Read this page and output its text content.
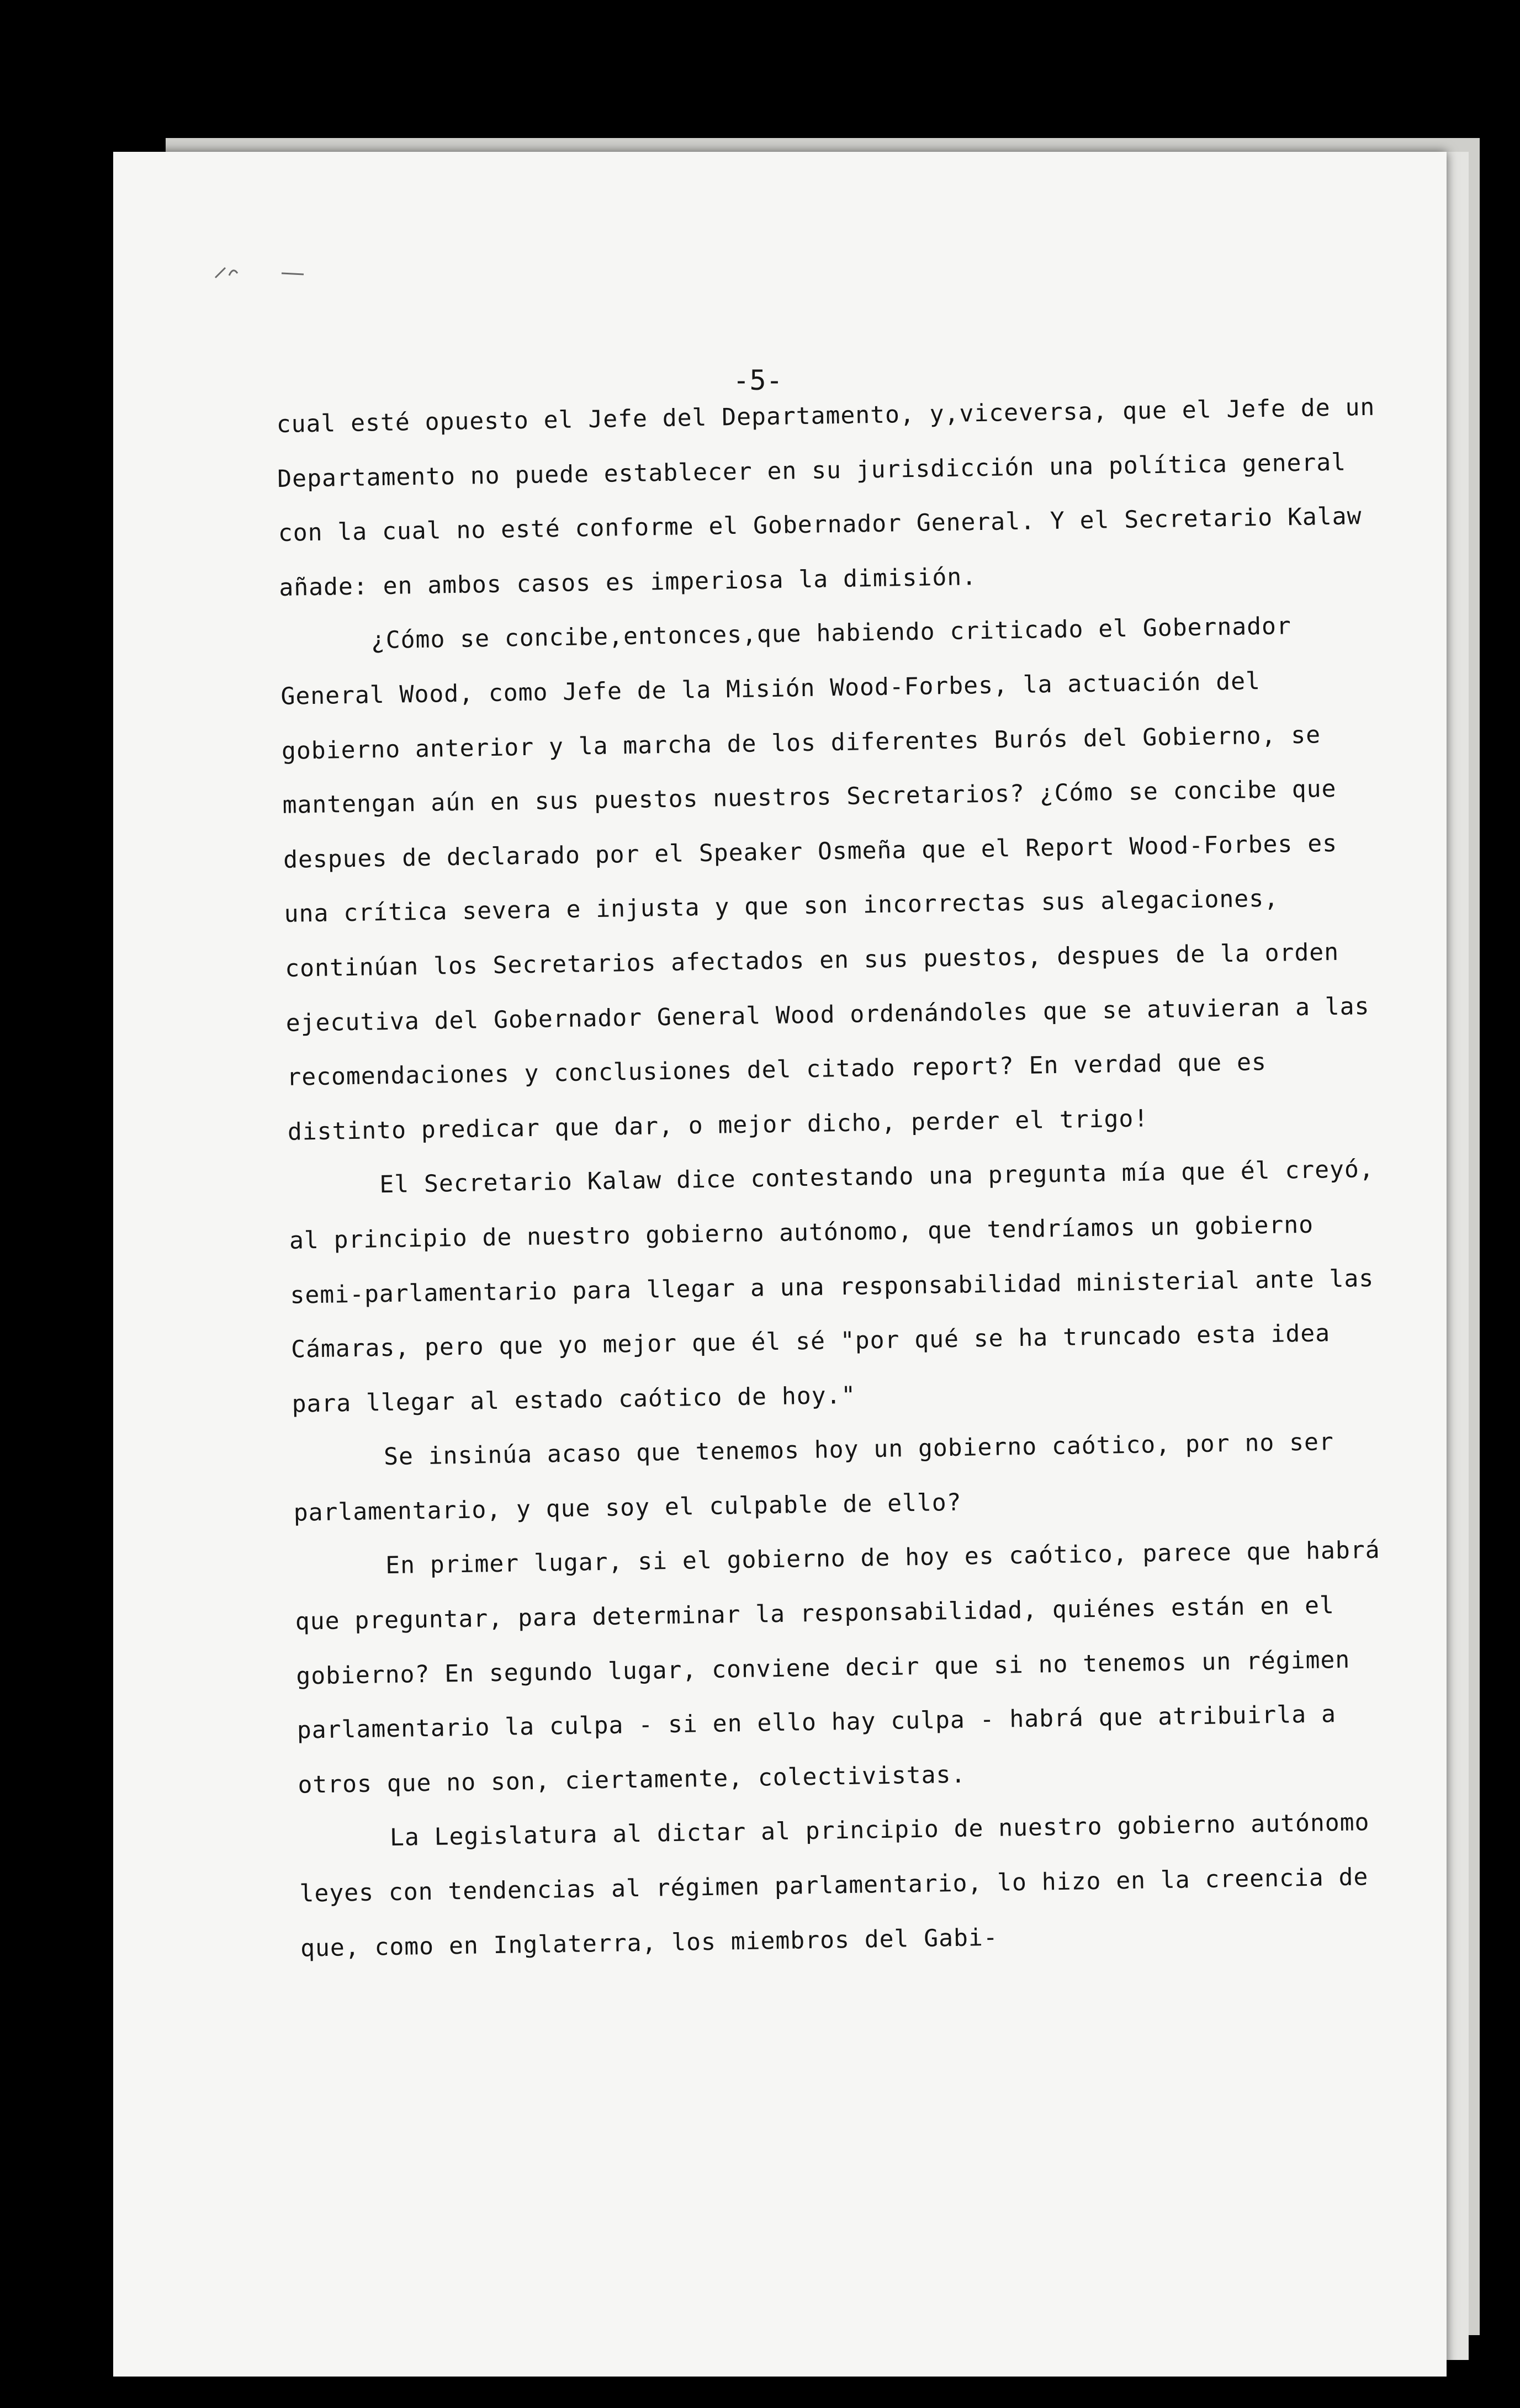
-5-

cual esté opuesto el Jefe del Departamento, y,viceversa, que el Jefe de un Departamento no puede establecer en su jurisdicción una política general con la cual no esté conforme el Gobernador General. Y el Secretario Kalaw añade: en ambos casos es imperiosa la dimisión.

¿Cómo se concibe,entonces,que habiendo criticado el Gobernador General Wood, como Jefe de la Misión Wood-Forbes, la actuación del gobierno anterior y la marcha de los diferentes Burós del Gobierno, se mantengan aún en sus puestos nuestros Secretarios? ¿Cómo se concibe que despues de declarado por el Speaker Osmeña que el Report Wood-Forbes es una crítica severa e injusta y que son incorrectas sus alegaciones, continúan los Secretarios afectados en sus puestos, despues de la orden ejecutiva del Gobernador General Wood ordenándoles que se atuvieran a las recomendaciones y conclusiones del citado report? En verdad que es distinto predicar que dar, o mejor dicho, perder el trigo!

El Secretario Kalaw dice contestando una pregunta mía que él creyó, al principio de nuestro gobierno autónomo, que tendríamos un gobierno semi-parlamentario para llegar a una responsabilidad ministerial ante las Cámaras, pero que yo mejor que él sé "por qué se ha truncado esta idea para llegar al estado caótico de hoy."

Se insinúa acaso que tenemos hoy un gobierno caótico, por no ser parlamentario, y que soy el culpable de ello?

En primer lugar, si el gobierno de hoy es caótico, parece que habrá que preguntar, para determinar la responsabilidad, quiénes están en el gobierno? En segundo lugar, conviene decir que si no tenemos un régimen parlamentario la culpa - si en ello hay culpa - habrá que atribuirla a otros que no son, ciertamente, colectivistas.

La Legislatura al dictar al principio de nuestro gobierno autónomo leyes con tendencias al régimen parlamentario, lo hizo en la creencia de que, como en Inglaterra, los miembros del Gabi-
